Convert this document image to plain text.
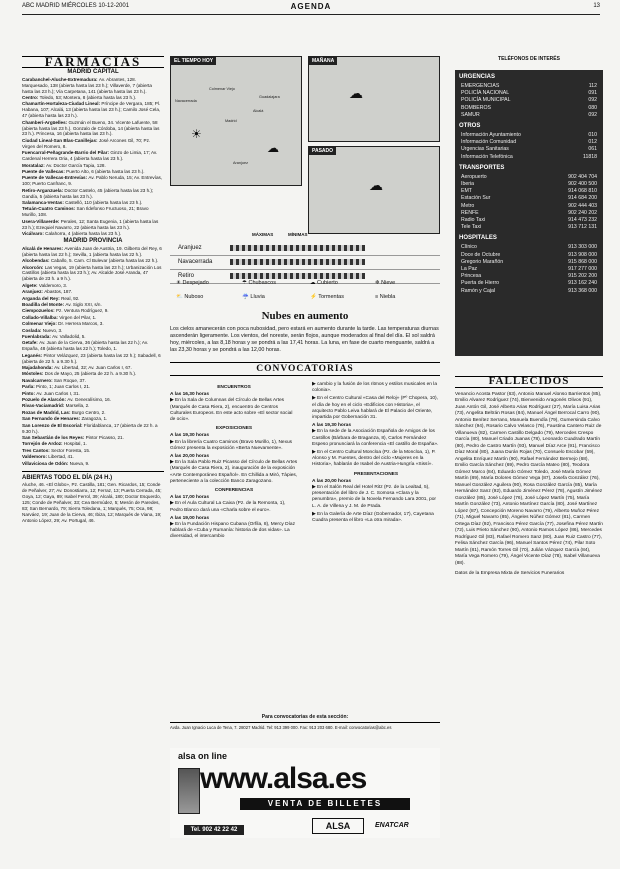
ABC MADRID MIÉRCOLES 10-12-2001	AGENDA	13
FARMACIAS
MADRID CAPITAL

Carabanchel-Aluche-Extremadura: Av. Abrantes, 128. Marquesado, 138 (abierta hasta las 23 h.); Villaverde, 7 (abierta hasta las 23 h.); Vía Carpetana, 141 (abierta hasta las 23 h.).

Centro: Toledo, 53; Montera, 8 (abierta hasta las 23 h.).

Chamartín-Hortaleza-Ciudad Lineal: Príncipe de Vergara, 185; Pl. Habana, 107; Alcalá, 13 (abierta hasta las 23 h.); Camilo José Cela, 47 (abierta hasta las 23 h.).

Chamberí-Argüelles: Guzmán el Bueno, 34. Vicente Lafuente, 58 (abierta hasta las 23 h.). Gonzalo de Córdoba, 14 (abierta hasta las 23 h.). Princesa, 16 (abierta hasta las 23 h.).

Ciudad Lineal-San Blas-Canillejas: José Arcones Gil, 70; Pz. Virgen del Romero, 8.

Fuencarral-Peñagrande-Barrio del Pilar: Ginzo de Limia, 17; Av. Cardenal Herrera Oria, 4 (abierta hasta las 23 h.).

Moratalaz: Av. Doctor García Tapia, 128.

Puente de Vallecas: Puerto Alto, 6 (abierta hasta las 23 h.).

Puente de Vallecas-Entrevías: Av. Pablo Neruda, 15; Av. Entrevías, 100; Puerto Canfranc, 9.

Retiro-Arganzuela: Doctor Castelo, 45 (abierta hasta las 23 h.); Gandía, 5 (abierta hasta las 23 h.).

Salamanca-Ventas: Castelló, 110 (abierta hasta las 23 h.).

Tetuán-Cuatro Caminos: San Ildefonso Fructuoso, 21; Bravo Murillo, 108.

Usera-Villaverde: Perales, 12; Santa Eugenia, 1 (abierta hasta las 23 h.); Ezequiel Navarro, 22 (abierta hasta las 23 h.).

Vicálvaro: Calahorra, 4 (abierta hasta las 23 h.).

MADRID PROVINCIA

Alcalá de Henares: Avenida Juan de Austria, 19. Gilberto del Rey, 6 (abierta hasta las 22 h.); Sevilla, 1 (abierta hasta las 22 h.).

Alcobendas: Caballo, 5. Cam. Cl Bulevar (abierta hasta las 22 h.).

Alcorcón: Las Vegas, 19 (abierta hasta las 23 h.); Urbanización Los Castillos (abierta hasta las 23 h.); Av. Alcalde José Aranda, 47 (abierta de 23 h. a 9 h.).

Algete: Valdemoro, 3.

Aranjuez: Abastos, 187.

Arganda del Rey: Real, 92.

Boadilla del Monte: Av. Siglo XXI, s/n.

Ciempozuelos: Pz. Ventura Rodríguez, 9.

Collado-Villalba: Virgen del Pilar, 1.

Colmenar Viejo: Dr. Herrera Marcos, 3.

Coslada: Nuevo, 3.

Fuenlabrada: Av. Valladolid, 5.

Getafe: Av. Juan de la Cierva, 36 (abierta hasta las 22 h.); Av. España, 48 (abierta hasta las 22 h.); Toledo, 1.

Leganés: Pintor Velázquez, 23 (abierta hasta las 22 h.); Sabadell, 6 (abierta de 22 h. a 9.30 h.).

Majadahonda: Av. Libertad, 32; Av. Juan Carlos I, 67.

Móstoles: Dos de Mayo, 25 (abierta de 22 h. a 9.30 h.).

Navalcarnero: San Roque, 37.

Parla: Pinto, 1; Juan Carlos I, 21.

Pinto: Av. Juan Carlos I, 31.

Pozuelo de Alarcón: Av. Generalísimo, 16.

Rivas-Vaciamadrid: Marsella, 2.

Rozas de Madrid, Las: Burgo Centro, 2.

San Fernando de Henares: Zaragoza, 1.

San Lorenzo de El Escorial: Floridablanca, 17 (abierta de 22 h. a 9.30 h.).

San Sebastián de los Reyes: Pintor Picasso, 21.

Torrejón de Ardoz: Hospital, 1.

Tres Cantos: Sector Foresta, 15.

Valdemoro: Libertad, 41.

Villaviciosa de Odón: Nueva, 9.

ABIERTAS TODO EL DÍA (24 H.)

Aluche, 46. «El Globo», Pz. Castilla, 181; Gen. Ricardos, 15; Conde de Peñalver, 27; Av. Donostiarra, 12; Ferraz, 13; Puerta Cerrada, 45; Goya, 12; Gaya, 89; Isabel Ferrol, 39; Alcalá, 180; Doctor Esquerdo, 125; Conde de Peñalver, 33; Cea Bermúdez, 5; Mesón de Paredes, 83; San Bernardo, 79; Sierra Toledana, 1; Marqués, 75; Oca, 98; Narváez, 19; Juan de la Cierva, 46; Ibiza, 12; Marqués de Viana, 19; Antonio López, 29; Av. Portugal, 46.

EL TIEMPO HOY
Colmenar Viejo
Navacerrada
Guadalajara
Alcalá
Madrid
Aranjuez
☀
☁
MAÑANA
☁
PASADO
☁
MÁXIMAS	MÍNIMAS
Aranjuez
Navacerrada
Retiro
☀ Despejado	☂ Chubascos	☁ Cubierto	❄ Nieve
⛅ Nuboso	☔ Lluvia	⚡ Tormentas	≡ Niebla
Nubes en aumento

Los cielos amanecerán con poca nubosidad, pero estará en aumento durante la tarde. Las temperaturas diurnas ascenderán ligeramente. Los vientos, del noreste, serán flojos, aunque moderados al final del día. El sol saldrá hoy, miércoles, a las 8,18 horas y se pondrá a las 17,41 horas. La luna, en fase de cuarto menguante, saldrá a las 23,30 horas y se pondrá a las 12,00 horas.

CONVOCATORIAS
ENCUENTROS
A las 16,30 horas

▶ En la Sala de Columnas del Círculo de Bellas Artes (Marqués de Casa Riera, 2), encuentro de Centros Culturales Europeos. En este acto sobre «El sector social de ocio».

EXPOSICIONES
A las 19,30 horas

▶ En la librería Cuatro Caminos (Bravo Murillo, 1), Nexus Gómez presenta la exposición «Berta Nuevamente».

A las 20,00 horas

▶ En la Sala Pablo Ruiz Picasso del Círculo de Bellas Artes (Marqués de Casa Riera, 2), inauguración de la exposición «Arte Contemporáneo Español». En Chillida a Miró, Tàpies, perteneciente a la colección Banco Zaragozano.

CONFERENCIAS
A las 17,00 horas

▶ En el Aula Cultural La Caixa (Pz. de la Remonta, 1), Pedro Blanco dará una «Charla sobre el euro».

A las 19,00 horas

▶ En la Fundación Hispano Cubana (Orfila, 8), Mercy Díaz hablará de «Cuba y Rumanía: historia de dos vidas». La diversidad, el intercambio

▶ cambio y la fusión de los ritmos y estilos musicales en la colonia».

▶ En el Centro Cultural «Casa del Reloj» (Pº Chopera, 10), el día de hoy en el ciclo «Edificios con Historia», el arquitecto Pablo Leiva hablará de El Palacio del Oriente, impartida por Gobernación 31.

A las 19,30 horas

▶ En la sede de la Asociación Española de Amigos de los Castillos (Bárbara de Braganza, 8), Carlos Fernández Espeso pronunciará la conferencia «El castillo de España».

▶ En el Centro Cultural Moncloa (Pz. de la Moncloa, 1), P. Alonso y M. Fuentes, dentro del ciclo «Mujeres en la Historia», hablarán de Isabel de Austria-Hungría «Sissí».

PRESENTACIONES
A las 20,00 horas

▶ En el Salón Real del Hotel Ritz (Pz. de la Lealtad, 5), presentación del libro de J. C. Somosa «Clara y la penumbra», premio de la Novela Fernando Lara 2001, por L. A. de Villena y J. M. de Prada.

▶ En la Galería de Arte Díaz (Gobernador, 17), Cayetana Cuadra presenta el libro «La otra mirada».

Para convocatorias de esta sección:
Avda. Juan Ignacio Luca de Tena, 7. 28027 Madrid. Tel: 913 399 000. Fax: 913 203 680. E-mail: convocatorias@abc.es
alsa on line
www.alsa.es
VENTA DE BILLETES
Tel. 902 42 22 42	ALSA	ENATCAR
TELÉFONOS DE INTERÉS
URGENCIAS
EMERGENCIAS	112
POLICÍA NACIONAL	091
POLICÍA MUNICIPAL	092
BOMBEROS	080
SAMUR	092
OTROS
Información Ayuntamiento	010
Información Comunidad	012
Urgencias Sanitarias	061
Información Telefónica	11818
TRANSPORTES
Aeropuerto	902 404 704
Iberia	902 400 500
EMT	914 068 810
Estación Sur	914 684 200
Metro	902 444 403
RENFE	902 240 202
Radio Taxi	914 473 232
Tele Taxi	913 712 131
HOSPITALES
Clínico	913 303 000
Doce de Octubre	913 908 000
Gregorio Marañón	915 868 000
La Paz	917 277 000
Princesa	915 202 200
Puerta de Hierro	913 162 240
Ramón y Cajal	913 368 000
FALLECIDOS

Venancio Acosta Pastor (63), Antonio Manuel Alonso Barrientos (85), Emilio Alvarez Rodríguez (74), Bienvenido Aragonés Olivos (91), Juan Antón Gil, José Alberto Arias Rodríguez (27), María Luisa Arias (73), Angelita Beltrán Rosas (84), Manuel Ángel Berrocal Carro (90), Antonio Benítez Serrano, Manuela Buendía (79), Gumersinda Calvo Sánchez (94), Rosario Calvo Velasco (76), Faustina Cantero Ruiz de Villanueva (82), Carmen Castillo Delgado (79), Mercedes Crespo García (80), Manuel Criado Juanas (78), Leonardo Cuadrado Martín (80), Pedro de Castro Martín (93), Manuel Díaz Arce (91), Francisco Díaz Moral (80), Juana Durán Rojas (70), Consuelo Escobar (59), Angelita Enríquez Martín (90), Rafael Fernández Bermejo (68), Emilio García Sánchez (69), Pedro García Mateo (80), Teodora Gómez Marco (84), Eduardo Gómez Toledo, José María Gómez Martín (89), María Dolores Gómez Vega (87), Josefa González (76), Manuel González Aguilera (90), Rosa González García (85), María Hernández Sanz (92), Eduardo Jiménez Pérez (78), Agustín Jiménez González (85), José López (76), José López Martín (75), María Martín González (73), Antonio Martínez García (80), José Martínez López (87), Concepción Moreno Navarro (79), Alberto Muñoz Pérez (71), Miguel Navarro (85), Ángeles Núñez Gómez (81), Carmen Ortega Díaz (92), Francisco Pérez García (77), Josefina Pérez Martín (72), Luis Prieto Sánchez (90), Antonio Ramos López (86), Mercedes Rodríguez Gil (83), Rafael Romero Sanz (80), Juan Ruiz Castro (77), Felisa Sánchez García (96), Manuel Santos Pérez (74), Pilar Soto Martín (81), Ramón Torres Gil (70), Julián Vázquez García (84), María Vega Romero (79), Ángel Vicente Díaz (78), Isabel Villanueva (88).

Datos de la Empresa Mixta de Servicios Funerarios
